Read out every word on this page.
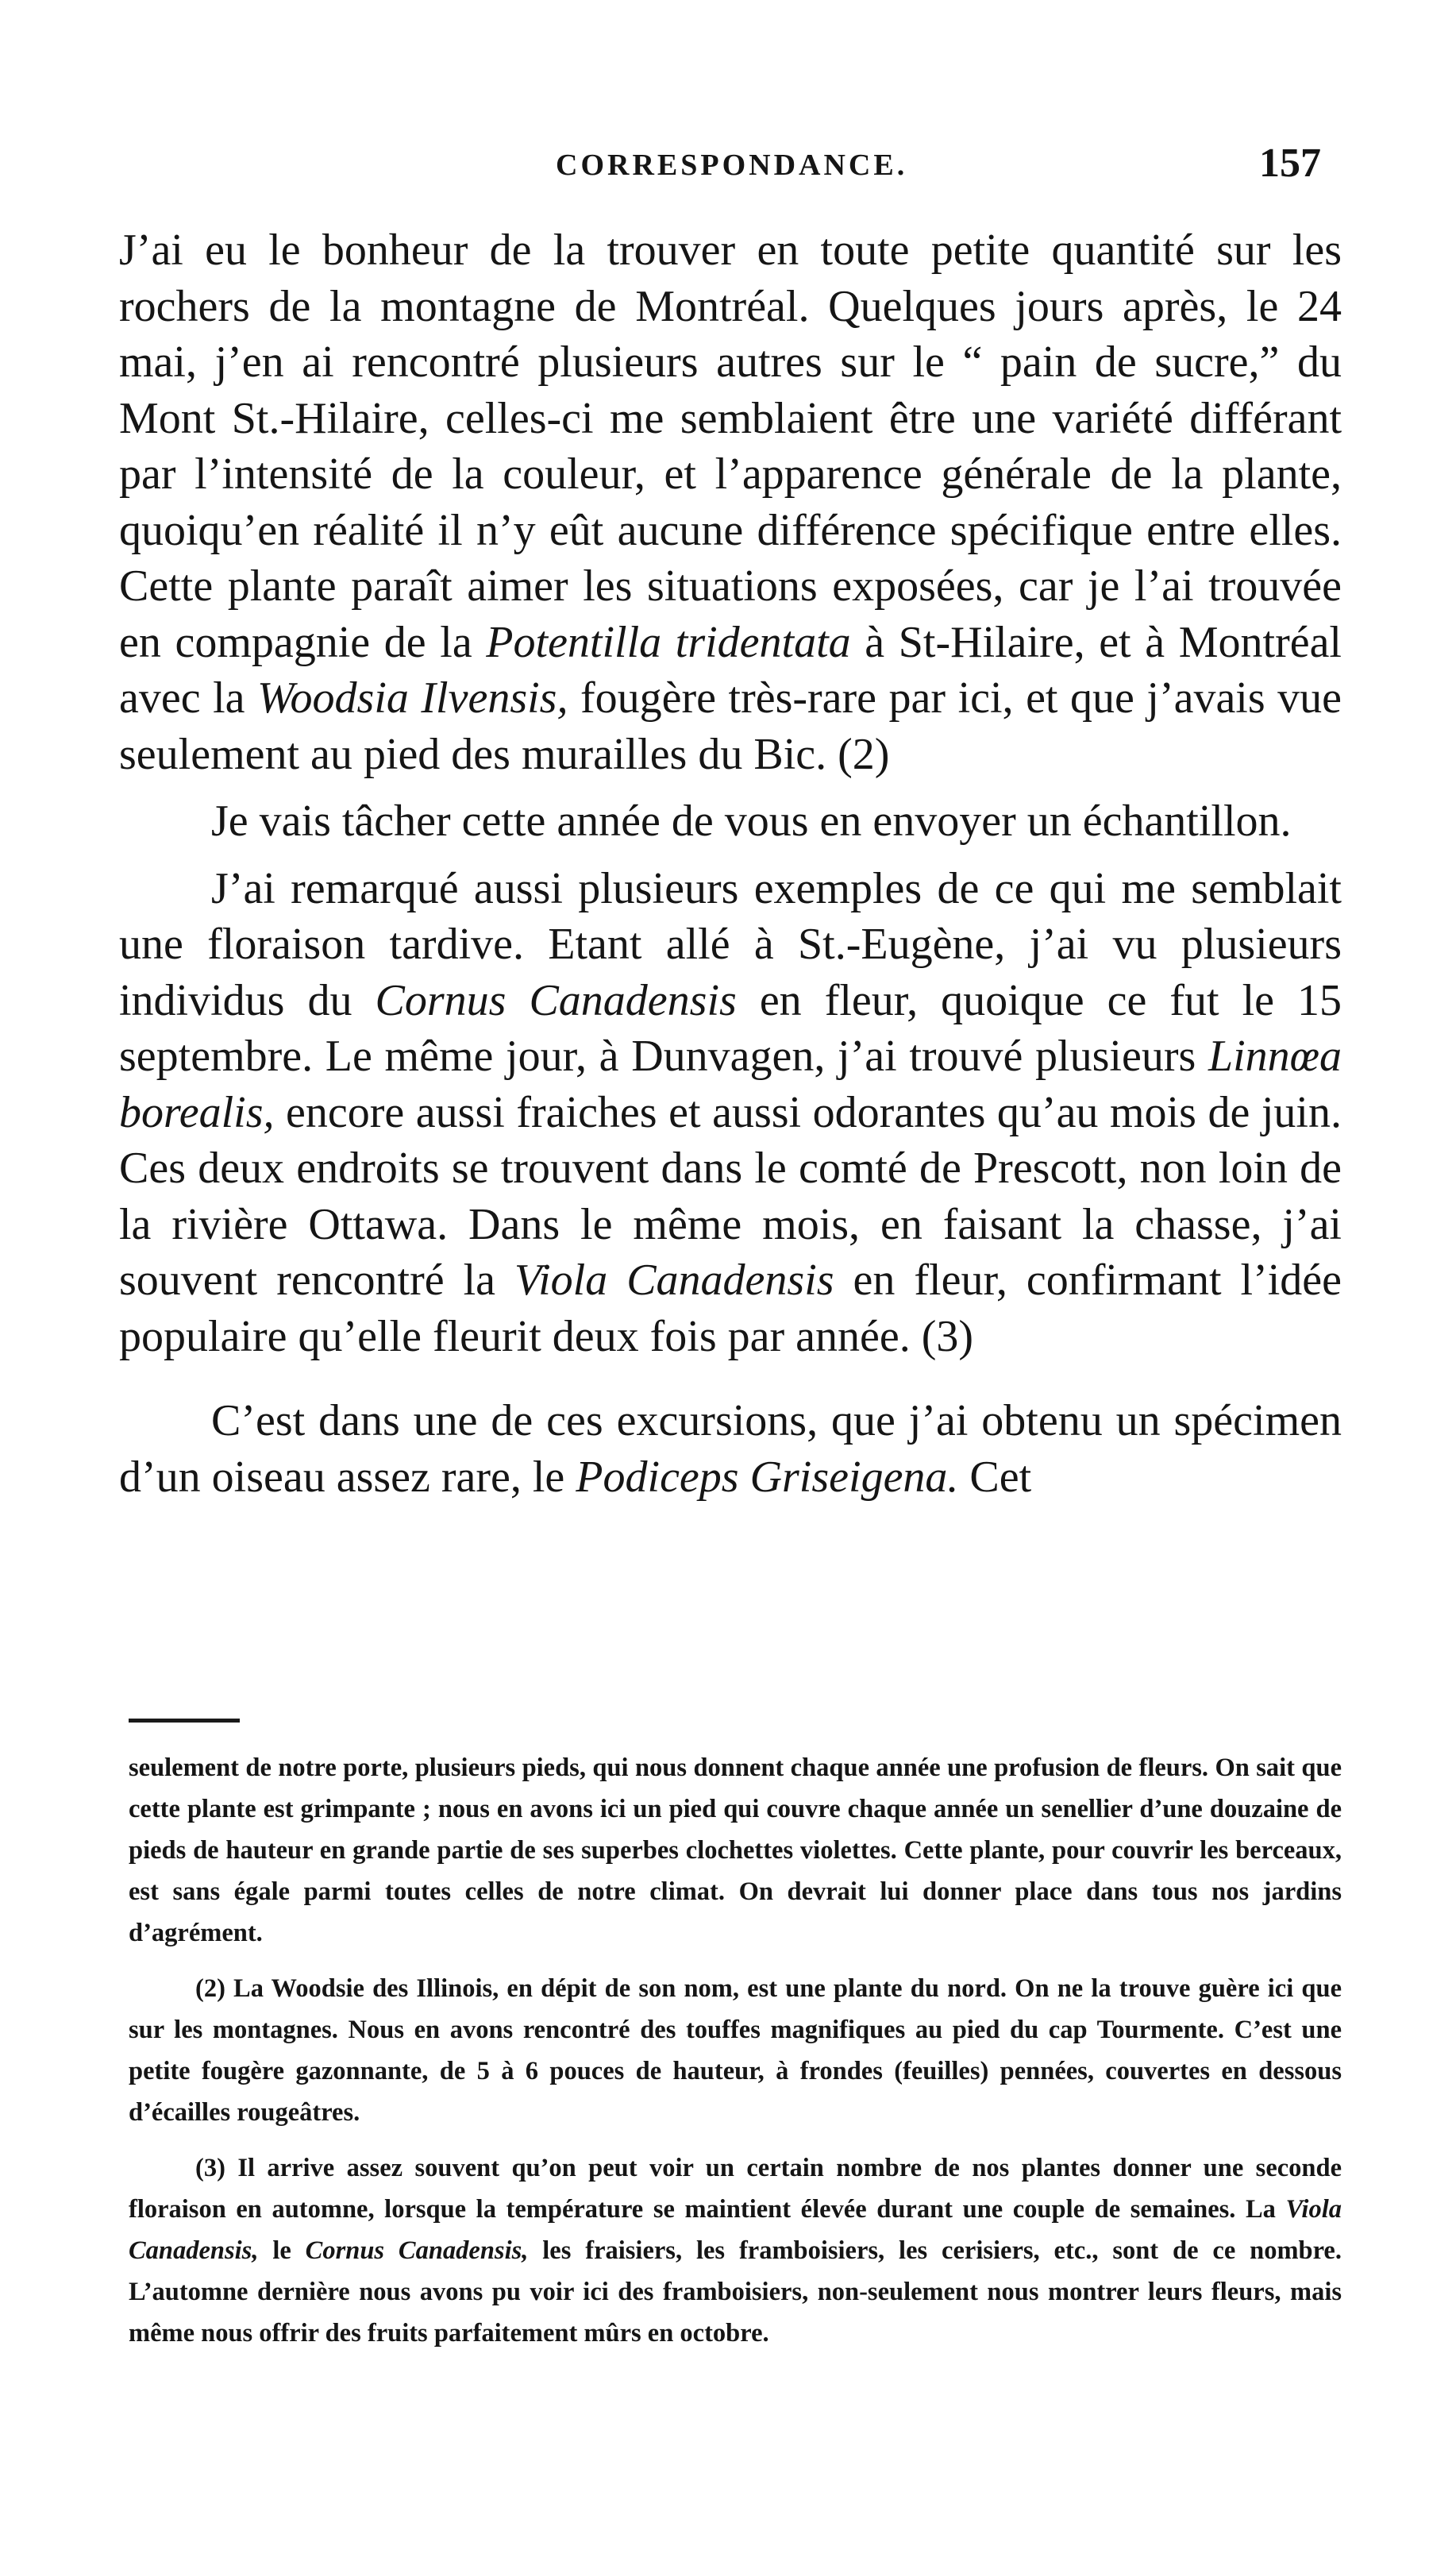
CORRESPONDANCE.	157

J’ai eu le bonheur de la trouver en toute petite quantité sur les rochers de la montagne de Montréal. Quelques jours après, le 24 mai, j’en ai rencontré plusieurs autres sur le “ pain de sucre,” du Mont St.-Hilaire, celles-ci me semblaient être une variété différant par l’intensité de la couleur, et l’apparence générale de la plante, quoiqu’en réalité il n’y eût aucune différence spécifique entre elles. Cette plante paraît aimer les situations exposées, car je l’ai trouvée en compagnie de la Potentilla tridentata à St-Hilaire, et à Montréal avec la Woodsia Ilvensis, fougère très-rare par ici, et que j’avais vue seulement au pied des murailles du Bic. (2)

Je vais tâcher cette année de vous en envoyer un échantillon.

J’ai remarqué aussi plusieurs exemples de ce qui me semblait une floraison tardive. Etant allé à St.-Eugène, j’ai vu plusieurs individus du Cornus Canadensis en fleur, quoique ce fut le 15 septembre. Le même jour, à Dunvagen, j’ai trouvé plusieurs Linnœa borealis, encore aussi fraiches et aussi odorantes qu’au mois de juin. Ces deux endroits se trouvent dans le comté de Prescott, non loin de la rivière Ottawa. Dans le même mois, en faisant la chasse, j’ai souvent rencontré la Viola Canadensis en fleur, confirmant l’idée populaire qu’elle fleurit deux fois par année. (3)

C’est dans une de ces excursions, que j’ai obtenu un spécimen d’un oiseau assez rare, le Podiceps Griseigena. Cet

seulement de notre porte, plusieurs pieds, qui nous donnent chaque année une profusion de fleurs. On sait que cette plante est grimpante ; nous en avons ici un pied qui couvre chaque année un senellier d’une douzaine de pieds de hauteur en grande partie de ses superbes clochettes violettes. Cette plante, pour couvrir les berceaux, est sans égale parmi toutes celles de notre climat. On devrait lui donner place dans tous nos jardins d’agrément.

(2) La Woodsie des Illinois, en dépit de son nom, est une plante du nord. On ne la trouve guère ici que sur les montagnes. Nous en avons rencontré des touffes magnifiques au pied du cap Tourmente. C’est une petite fougère gazonnante, de 5 à 6 pouces de hauteur, à frondes (feuilles) pennées, couvertes en dessous d’écailles rougeâtres.

(3) Il arrive assez souvent qu’on peut voir un certain nombre de nos plantes donner une seconde floraison en automne, lorsque la température se maintient élevée durant une couple de semaines. La Viola Canadensis, le Cornus Canadensis, les fraisiers, les framboisiers, les cerisiers, etc., sont de ce nombre. L’automne dernière nous avons pu voir ici des framboisiers, non-seulement nous montrer leurs fleurs, mais même nous offrir des fruits parfaitement mûrs en octobre.
